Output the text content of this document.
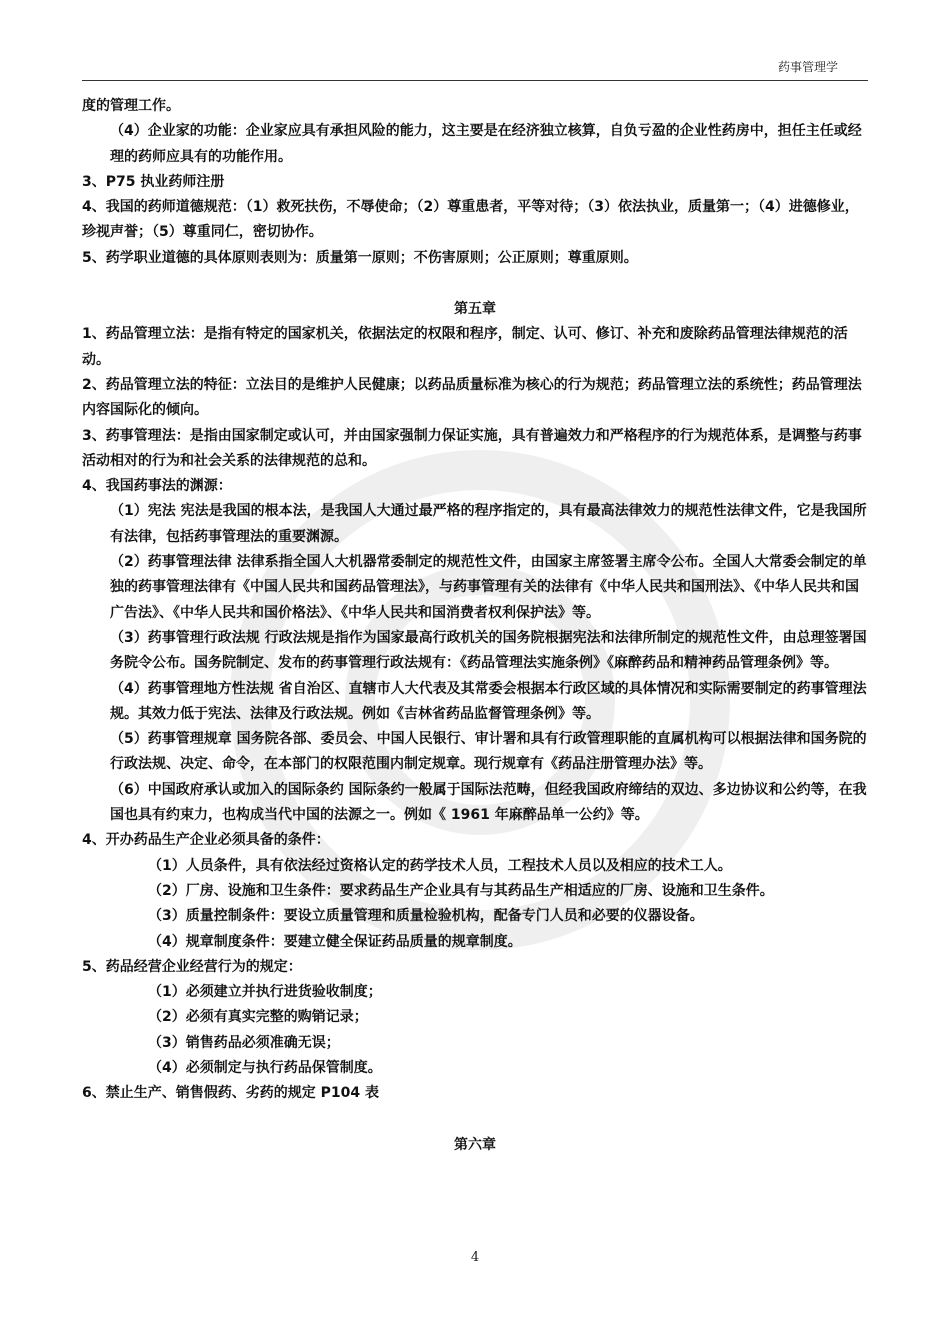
药事管理学

度的管理工作。

（4）企业家的功能：企业家应具有承担风险的能力，这主要是在经济独立核算，自负亏盈的企业性药房中，担任主任或经理的药师应具有的功能作用。

3、P75 执业药师注册

4、我国的药师道德规范：（1）救死扶伤，不辱使命；（2）尊重患者，平等对待；（3）依法执业，质量第一；（4）进德修业，珍视声誉；（5）尊重同仁，密切协作。

5、药学职业道德的具体原则表则为：质量第一原则；不伤害原则；公正原则；尊重原则。

第五章

1、药品管理立法：是指有特定的国家机关，依据法定的权限和程序，制定、认可、修订、补充和废除药品管理法律规范的活动。

2、药品管理立法的特征：立法目的是维护人民健康；以药品质量标准为核心的行为规范；药品管理立法的系统性；药品管理法内容国际化的倾向。

3、药事管理法：是指由国家制定或认可，并由国家强制力保证实施，具有普遍效力和严格程序的行为规范体系，是调整与药事活动相对的行为和社会关系的法律规范的总和。

4、我国药事法的渊源：

（1）宪法 宪法是我国的根本法，是我国人大通过最严格的程序指定的，具有最高法律效力的规范性法律文件，它是我国所有法律，包括药事管理法的重要渊源。

（2）药事管理法律 法律系指全国人大机器常委制定的规范性文件，由国家主席签署主席令公布。全国人大常委会制定的单独的药事管理法律有《中国人民共和国药品管理法》，与药事管理有关的法律有《中华人民共和国刑法》、《中华人民共和国广告法》、《中华人民共和国价格法》、《中华人民共和国消费者权利保护法》等。

（3）药事管理行政法规 行政法规是指作为国家最高行政机关的国务院根据宪法和法律所制定的规范性文件，由总理签署国务院令公布。国务院制定、发布的药事管理行政法规有：《药品管理法实施条例》《麻醉药品和精神药品管理条例》等。

（4）药事管理地方性法规 省自治区、直辖市人大代表及其常委会根据本行政区域的具体情况和实际需要制定的药事管理法规。其效力低于宪法、法律及行政法规。例如《吉林省药品监督管理条例》等。

（5）药事管理规章 国务院各部、委员会、中国人民银行、审计署和具有行政管理职能的直属机构可以根据法律和国务院的行政法规、决定、命令，在本部门的权限范围内制定规章。现行规章有《药品注册管理办法》等。

（6）中国政府承认或加入的国际条约 国际条约一般属于国际法范畴，但经我国政府缔结的双边、多边协议和公约等，在我国也具有约束力，也构成当代中国的法源之一。例如《 1961 年麻醉品单一公约》等。

4、开办药品生产企业必须具备的条件：

（1）人员条件，具有依法经过资格认定的药学技术人员，工程技术人员以及相应的技术工人。

（2）厂房、设施和卫生条件：要求药品生产企业具有与其药品生产相适应的厂房、设施和卫生条件。

（3）质量控制条件：要设立质量管理和质量检验机构，配备专门人员和必要的仪器设备。

（4）规章制度条件：要建立健全保证药品质量的规章制度。

5、药品经营企业经营行为的规定：

（1）必须建立并执行进货验收制度；

（2）必须有真实完整的购销记录；

（3）销售药品必须准确无误；

（4）必须制定与执行药品保管制度。

6、禁止生产、销售假药、劣药的规定 P104 表

第六章

4
